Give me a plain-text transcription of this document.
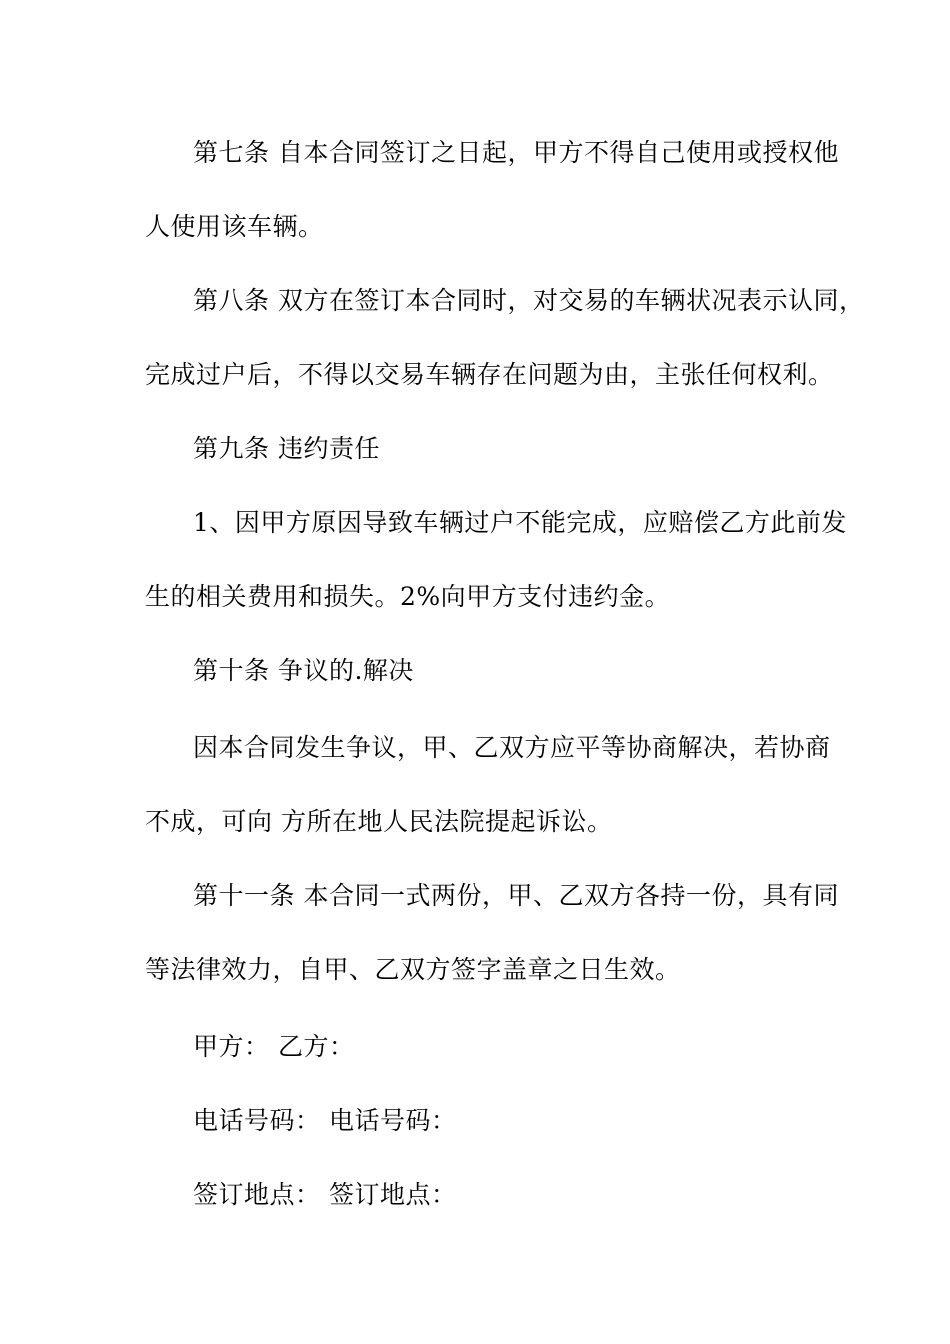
第七条 自本合同签订之日起，甲方不得自己使用或授权他
人使用该车辆。
第八条 双方在签订本合同时，对交易的车辆状况表示认同，
完成过户后，不得以交易车辆存在问题为由，主张任何权利。
第九条 违约责任
1、因甲方原因导致车辆过户不能完成，应赔偿乙方此前发
生的相关费用和损失。2%向甲方支付违约金。
第十条 争议的.解决
因本合同发生争议，甲、乙双方应平等协商解决，若协商
不成，可向 方所在地人民法院提起诉讼。
第十一条 本合同一式两份，甲、乙双方各持一份，具有同
等法律效力，自甲、乙双方签字盖章之日生效。
甲方： 乙方：
电话号码： 电话号码：
签订地点： 签订地点：
